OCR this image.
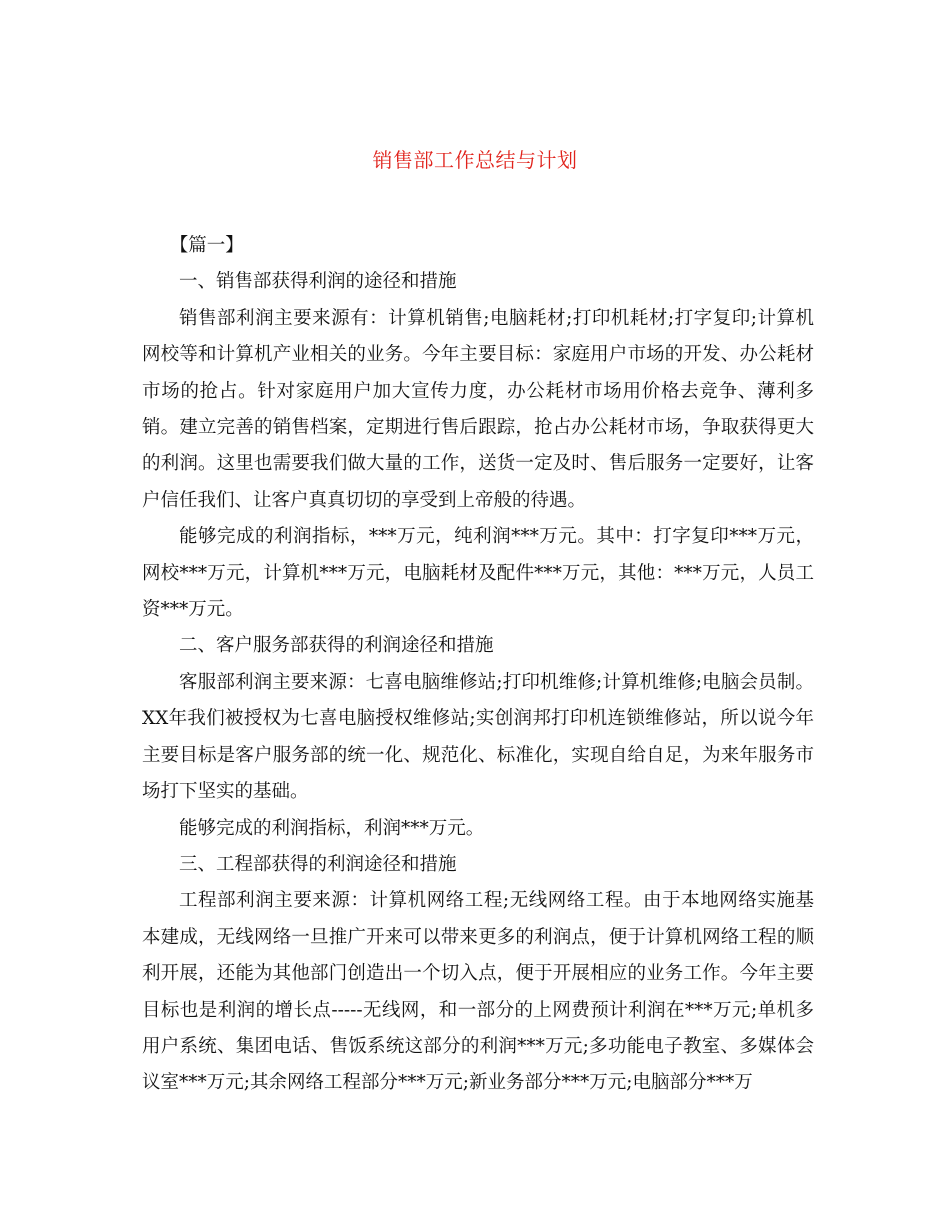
销售部工作总结与计划

【篇一】

一、销售部获得利润的途径和措施

销售部利润主要来源有：计算机销售;电脑耗材;打印机耗材;打字复印;计算机网校等和计算机产业相关的业务。今年主要目标：家庭用户市场的开发、办公耗材市场的抢占。针对家庭用户加大宣传力度，办公耗材市场用价格去竞争、薄利多销。建立完善的销售档案，定期进行售后跟踪，抢占办公耗材市场，争取获得更大的利润。这里也需要我们做大量的工作，送货一定及时、售后服务一定要好，让客户信任我们、让客户真真切切的享受到上帝般的待遇。

能够完成的利润指标，***万元，纯利润***万元。其中：打字复印***万元，网校***万元，计算机***万元，电脑耗材及配件***万元，其他：***万元，人员工资***万元。

二、客户服务部获得的利润途径和措施

客服部利润主要来源：七喜电脑维修站;打印机维修;计算机维修;电脑会员制。XX年我们被授权为七喜电脑授权维修站;实创润邦打印机连锁维修站，所以说今年主要目标是客户服务部的统一化、规范化、标准化，实现自给自足，为来年服务市场打下坚实的基础。

能够完成的利润指标，利润***万元。

三、工程部获得的利润途径和措施

工程部利润主要来源：计算机网络工程;无线网络工程。由于本地网络实施基本建成，无线网络一旦推广开来可以带来更多的利润点，便于计算机网络工程的顺利开展，还能为其他部门创造出一个切入点，便于开展相应的业务工作。今年主要目标也是利润的增长点-----无线网，和一部分的上网费预计利润在***万元;单机多用户系统、集团电话、售饭系统这部分的利润***万元;多功能电子教室、多媒体会议室***万元;其余网络工程部分***万元;新业务部分***万元;电脑部分***万
